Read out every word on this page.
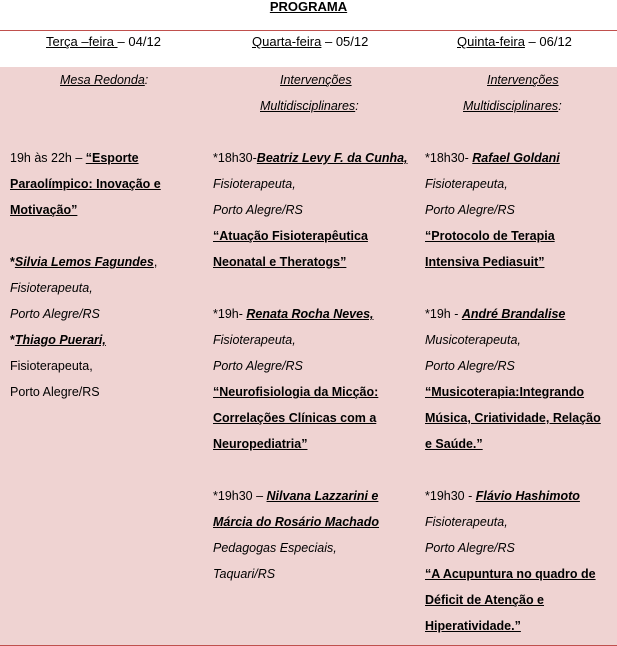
PROGRAMA
Terça –feira – 04/12	Quarta-feira – 05/12	Quinta-feira – 06/12

Mesa Redonda:

19h às 22h – “Esporte

Paraolímpico: Inovação e

Motivação”

*Silvia Lemos Fagundes,

Fisioterapeuta,

Porto Alegre/RS

*Thiago Puerari,

Fisioterapeuta,

Porto Alegre/RS

Intervenções

Multidisciplinares:

*18h30-Beatriz Levy F. da Cunha,

Fisioterapeuta,

Porto Alegre/RS

“Atuação Fisioterapêutica

Neonatal e Theratogs”

*19h- Renata Rocha Neves,

Fisioterapeuta,

Porto Alegre/RS

“Neurofisiologia da Micção:

Correlações Clínicas com a

Neuropediatria”

*19h30 – Nilvana Lazzarini e

Márcia do Rosário Machado

Pedagogas Especiais,

Taquari/RS

Intervenções

Multidisciplinares:

*18h30- Rafael Goldani

Fisioterapeuta,

Porto Alegre/RS

“Protocolo de Terapia

Intensiva Pediasuit”

*19h - André Brandalise

Musicoterapeuta,

Porto Alegre/RS

“Musicoterapia:Integrando

Música, Criatividade, Relação

e Saúde.”

*19h30 - Flávio Hashimoto

Fisioterapeuta,

Porto Alegre/RS

“A Acupuntura no quadro de

Déficit de Atenção e

Hiperatividade.”
